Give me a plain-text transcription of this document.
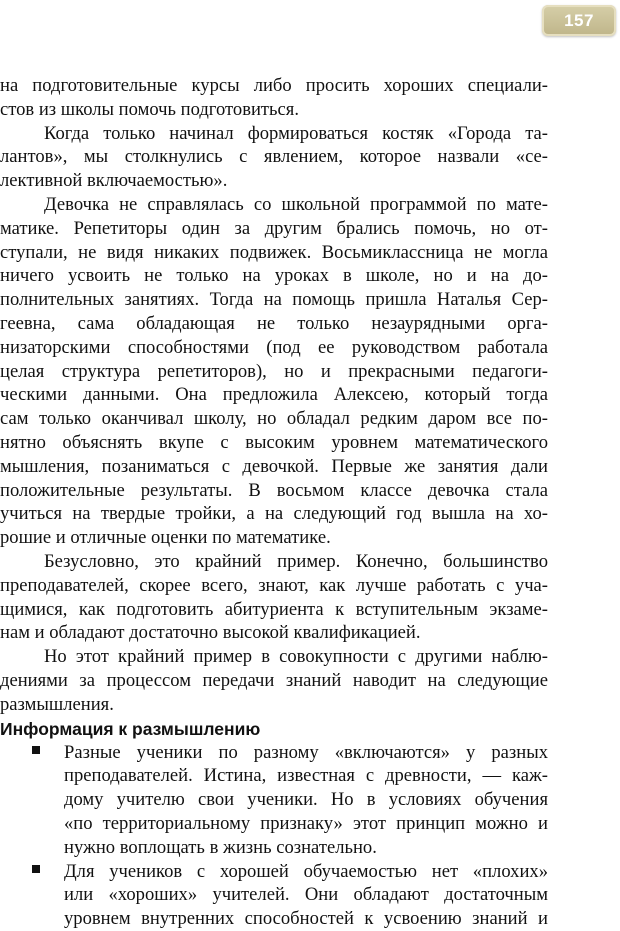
157
на подготовительные курсы либо просить хороших специали-
стов из школы помочь подготовиться.
Когда только начинал формироваться костяк «Города та-
лантов», мы столкнулись с явлением, которое назвали «се-
лективной включаемостью».
Девочка не справлялась со школьной программой по мате-
матике. Репетиторы один за другим брались помочь, но от-
ступали, не видя никаких подвижек. Восьмиклассница не могла
ничего усвоить не только на уроках в школе, но и на до-
полнительных занятиях. Тогда на помощь пришла Наталья Сер-
геевна, сама обладающая не только незаурядными орга-
низаторскими способностями (под ее руководством работала
целая структура репетиторов), но и прекрасными педагоги-
ческими данными. Она предложила Алексею, который тогда
сам только оканчивал школу, но обладал редким даром все по-
нятно объяснять вкупе с высоким уровнем математического
мышления, позаниматься с девочкой. Первые же занятия дали
положительные результаты. В восьмом классе девочка стала
учиться на твердые тройки, а на следующий год вышла на хо-
рошие и отличные оценки по математике.
Безусловно, это крайний пример. Конечно, большинство
преподавателей, скорее всего, знают, как лучше работать с уча-
щимися, как подготовить абитуриента к вступительным экзаме-
нам и обладают достаточно высокой квалификацией.
Но этот крайний пример в совокупности с другими наблю-
дениями за процессом передачи знаний наводит на следующие
размышления.
Информация к размышлению
Разные ученики по разному «включаются» у разных
преподавателей. Истина, известная с древности, — каж-
дому учителю свои ученики. Но в условиях обучения
«по территориальному признаку» этот принцип можно и
нужно воплощать в жизнь сознательно.
Для учеников с хорошей обучаемостью нет «плохих»
или «хороших» учителей. Они обладают достаточным
уровнем внутренних способностей к усвоению знаний и
